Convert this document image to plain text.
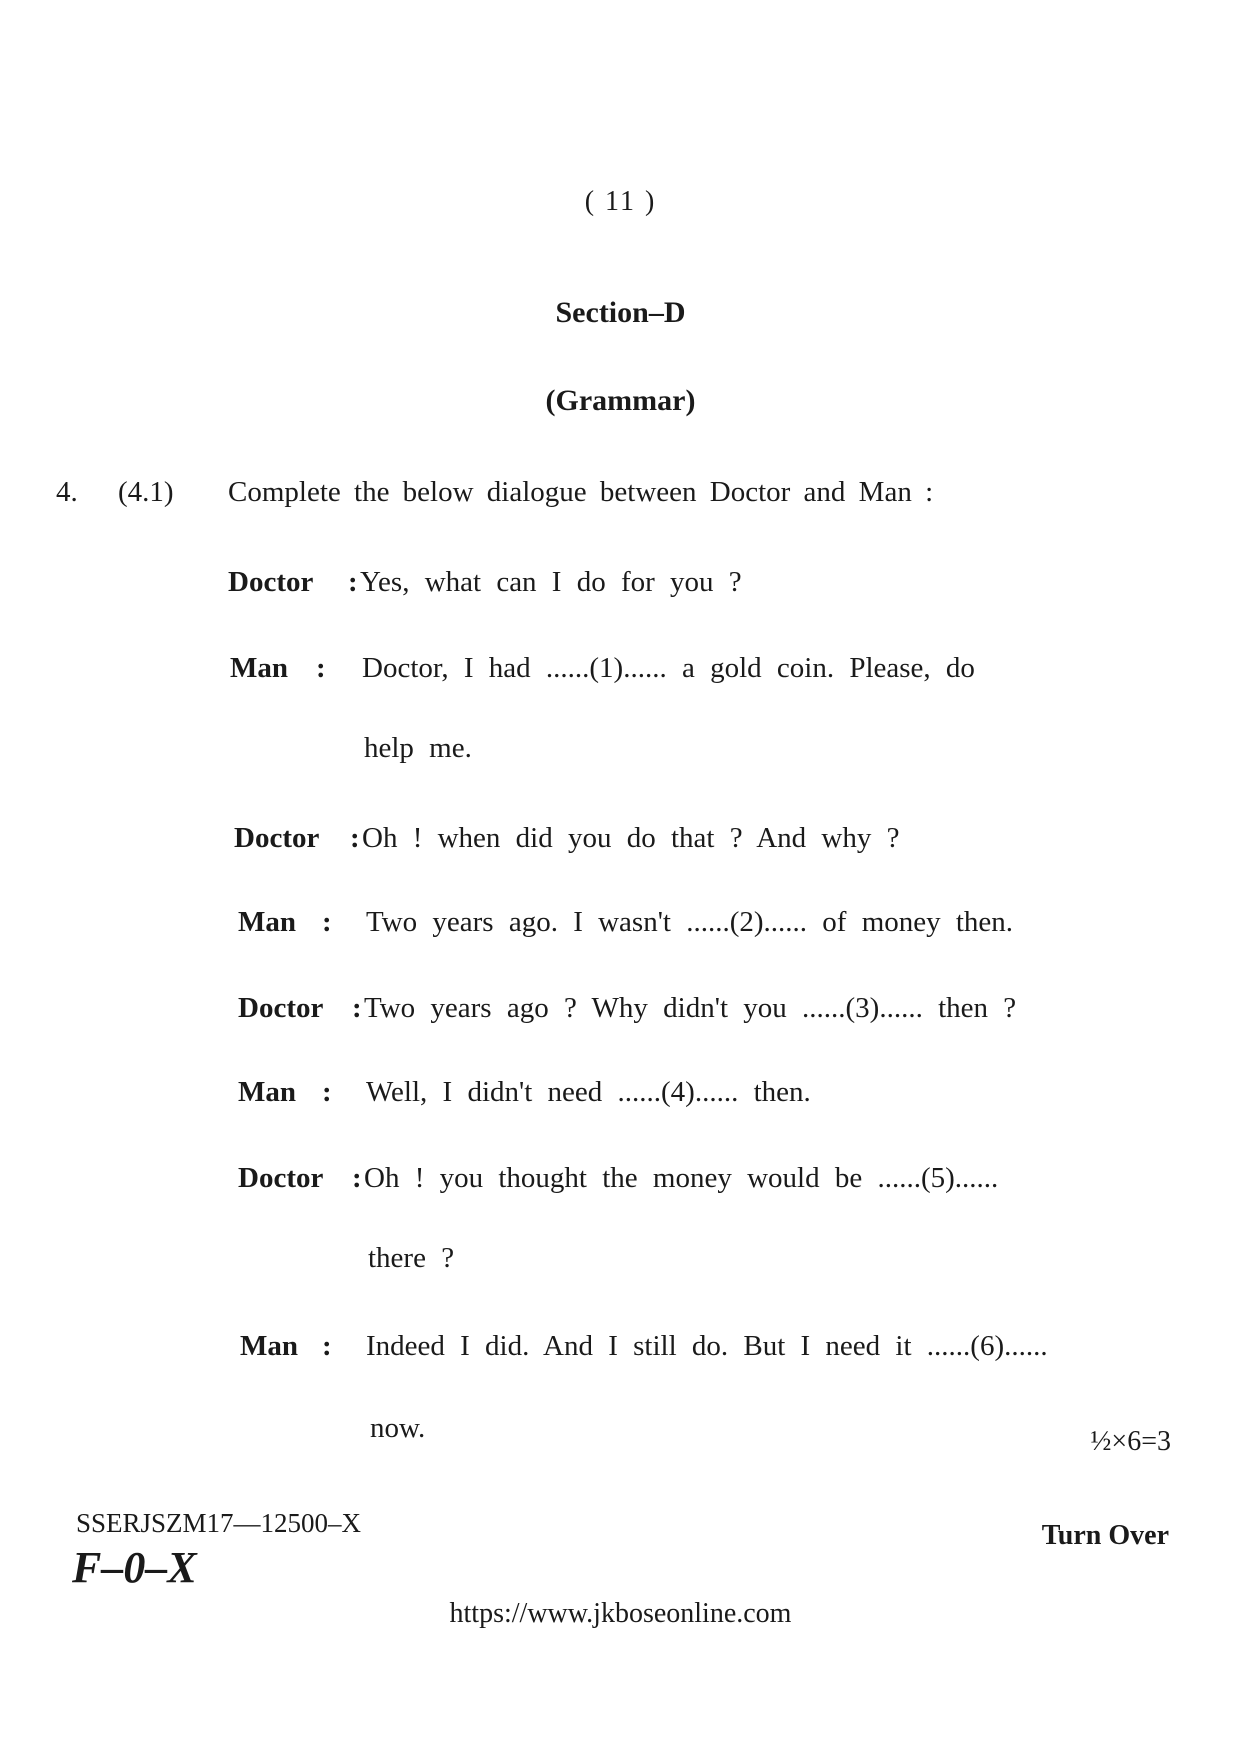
( 11 )
Section–D
(Grammar)
4. (4.1) Complete the below dialogue between Doctor and Man :
Doctor : Yes, what can I do for you ?
Man : Doctor, I had ......(1)...... a gold coin. Please, do
help me.
Doctor : Oh ! when did you do that ? And why ?
Man : Two years ago. I wasn't ......(2)...... of money then.
Doctor : Two years ago ? Why didn't you ......(3)...... then ?
Man : Well, I didn't need ......(4)...... then.
Doctor : Oh ! you thought the money would be ......(5)......
there ?
Man : Indeed I did. And I still do. But I need it ......(6)......
now.	½×6=3
SSERJSZM17—12500–X
F–0–X
Turn Over
https://www.jkboseonline.com
